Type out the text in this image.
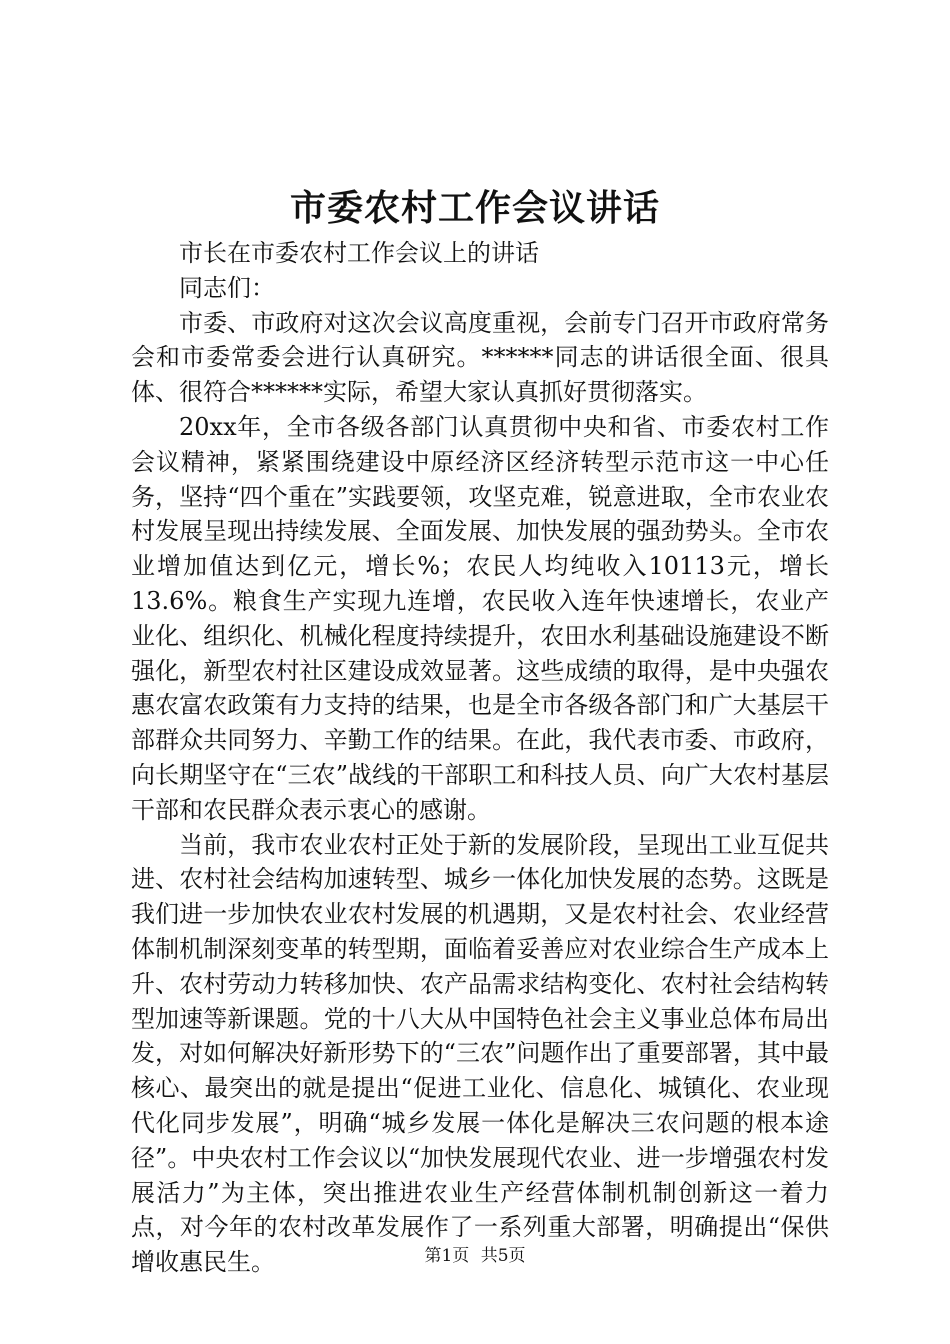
市委农村工作会议讲话

市长在市委农村工作会议上的讲话

同志们：

市委、市政府对这次会议高度重视，会前专门召开市政府常务会和市委常委会进行认真研究。******同志的讲话很全面、很具体、很符合******实际，希望大家认真抓好贯彻落实。

20xx年，全市各级各部门认真贯彻中央和省、市委农村工作会议精神，紧紧围绕建设中原经济区经济转型示范市这一中心任务，坚持“四个重在”实践要领，攻坚克难，锐意进取，全市农业农村发展呈现出持续发展、全面发展、加快发展的强劲势头。全市农业增加值达到亿元，增长%；农民人均纯收入10113元，增长13.6%。粮食生产实现九连增，农民收入连年快速增长，农业产业化、组织化、机械化程度持续提升，农田水利基础设施建设不断强化，新型农村社区建设成效显著。这些成绩的取得，是中央强农惠农富农政策有力支持的结果，也是全市各级各部门和广大基层干部群众共同努力、辛勤工作的结果。在此，我代表市委、市政府，向长期坚守在“三农”战线的干部职工和科技人员、向广大农村基层干部和农民群众表示衷心的感谢。

当前，我市农业农村正处于新的发展阶段，呈现出工业互促共进、农村社会结构加速转型、城乡一体化加快发展的态势。这既是我们进一步加快农业农村发展的机遇期，又是农村社会、农业经营体制机制深刻变革的转型期，面临着妥善应对农业综合生产成本上升、农村劳动力转移加快、农产品需求结构变化、农村社会结构转型加速等新课题。党的十八大从中国特色社会主义事业总体布局出发，对如何解决好新形势下的“三农”问题作出了重要部署，其中最核心、最突出的就是提出“促进工业化、信息化、城镇化、农业现代化同步发展”，明确“城乡发展一体化是解决三农问题的根本途径”。中央农村工作会议以“加快发展现代农业、进一步增强农村发展活力”为主体，突出推进农业生产经营体制机制创新这一着力点，对今年的农村改革发展作了一系列重大部署，明确提出“保供增收惠民生。	第1页 共5页
